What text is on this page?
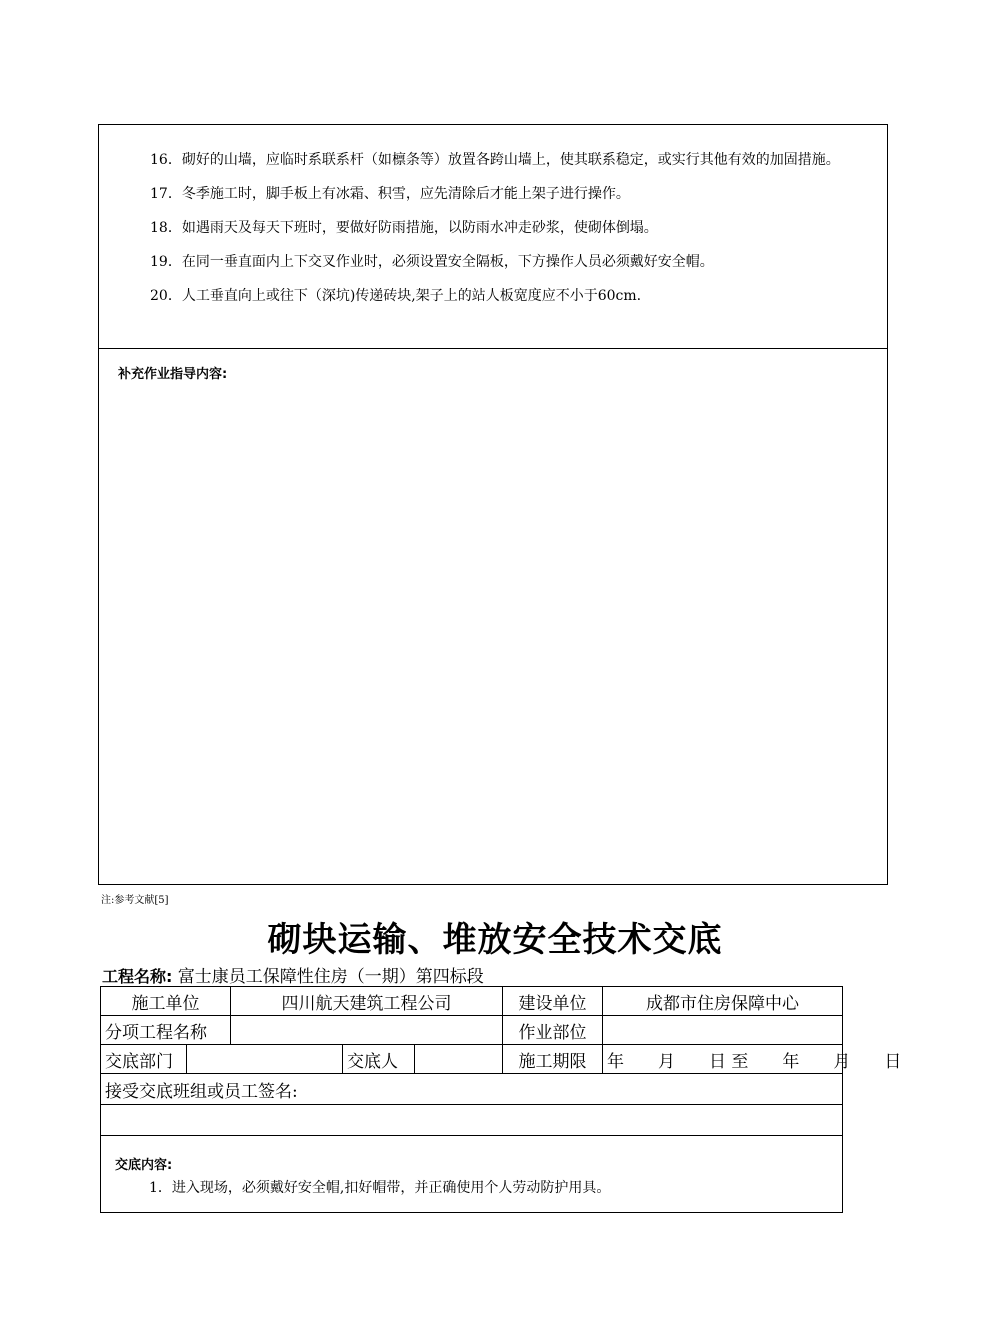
16．砌好的山墙，应临时系联系杆（如檩条等）放置各跨山墙上，使其联系稳定，或实行其他有效的加固措施。
17．冬季施工时，脚手板上有冰霜、积雪，应先清除后才能上架子进行操作。
18．如遇雨天及每天下班时，要做好防雨措施，以防雨水冲走砂浆，使砌体倒塌。
19．在同一垂直面内上下交叉作业时，必须设置安全隔板，下方操作人员必须戴好安全帽。
20．人工垂直向上或往下（深坑)传递砖块,架子上的站人板宽度应不小于60cm.
补充作业指导内容:
注:参考文献[5]
砌块运输、堆放安全技术交底
工程名称: 富士康员工保障性住房（一期）第四标段
施工单位		四川航天建筑工程公司			建设单位	成都市住房保障中心
分项工程名称					作业部位	
交底部门			交底人		施工期限	年　　月　　日 至　　年　　月　　日
接受交底班组或员工签名:						

交底内容:
1．进入现场，必须戴好安全帽,扣好帽带，并正确使用个人劳动防护用具。						
